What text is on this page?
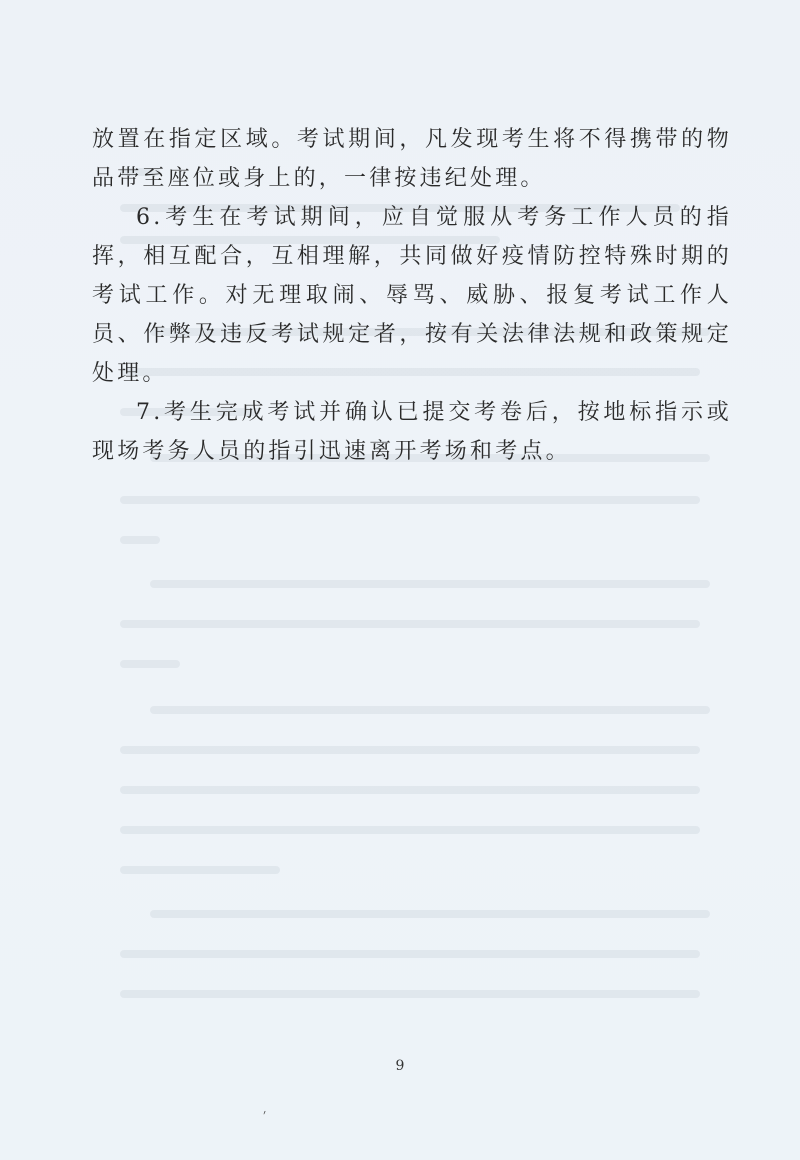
放置在指定区域。考试期间，凡发现考生将不得携带的物品带至座位或身上的，一律按违纪处理。

6.考生在考试期间，应自觉服从考务工作人员的指挥，相互配合，互相理解，共同做好疫情防控特殊时期的考试工作。对无理取闹、辱骂、威胁、报复考试工作人员、作弊及违反考试规定者，按有关法律法规和政策规定处理。

7.考生完成考试并确认已提交考卷后，按地标指示或现场考务人员的指引迅速离开考场和考点。

9
ˊ
